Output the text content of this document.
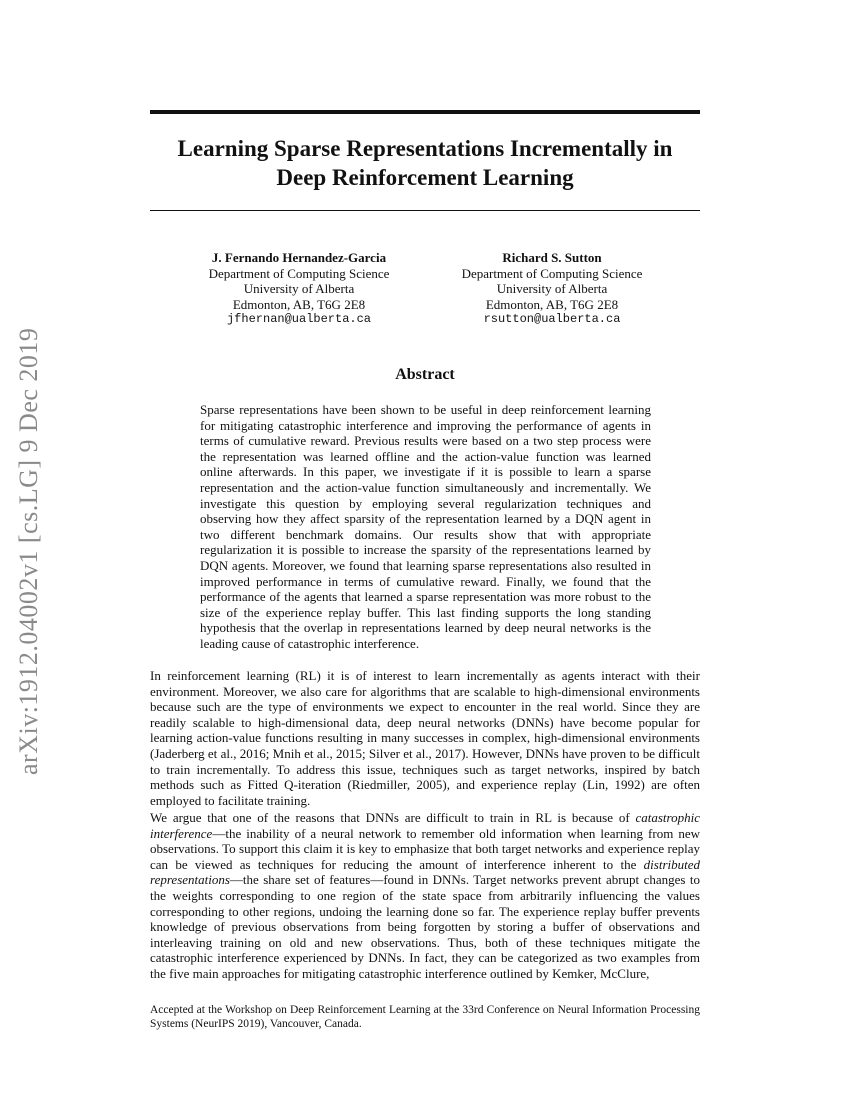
arXiv:1912.04002v1 [cs.LG] 9 Dec 2019
Learning Sparse Representations Incrementally in Deep Reinforcement Learning
J. Fernando Hernandez-Garcia
Department of Computing Science
University of Alberta
Edmonton, AB, T6G 2E8
jfhernan@ualberta.ca
Richard S. Sutton
Department of Computing Science
University of Alberta
Edmonton, AB, T6G 2E8
rsutton@ualberta.ca
Abstract

Sparse representations have been shown to be useful in deep reinforcement learning for mitigating catastrophic interference and improving the performance of agents in terms of cumulative reward. Previous results were based on a two step process were the representation was learned offline and the action-value function was learned online afterwards. In this paper, we investigate if it is possible to learn a sparse representation and the action-value function simultaneously and incrementally. We investigate this question by employing several regularization techniques and observing how they affect sparsity of the representation learned by a DQN agent in two different benchmark domains. Our results show that with appropriate regularization it is possible to increase the sparsity of the representations learned by DQN agents. Moreover, we found that learning sparse representations also resulted in improved performance in terms of cumulative reward. Finally, we found that the performance of the agents that learned a sparse representation was more robust to the size of the experience replay buffer. This last finding supports the long standing hypothesis that the overlap in representations learned by deep neural networks is the leading cause of catastrophic interference.

In reinforcement learning (RL) it is of interest to learn incrementally as agents interact with their environment. Moreover, we also care for algorithms that are scalable to high-dimensional environments because such are the type of environments we expect to encounter in the real world. Since they are readily scalable to high-dimensional data, deep neural networks (DNNs) have become popular for learning action-value functions resulting in many successes in complex, high-dimensional environments (Jaderberg et al., 2016; Mnih et al., 2015; Silver et al., 2017). However, DNNs have proven to be difficult to train incrementally. To address this issue, techniques such as target networks, inspired by batch methods such as Fitted Q-iteration (Riedmiller, 2005), and experience replay (Lin, 1992) are often employed to facilitate training.

We argue that one of the reasons that DNNs are difficult to train in RL is because of catastrophic interference—the inability of a neural network to remember old information when learning from new observations. To support this claim it is key to emphasize that both target networks and experience replay can be viewed as techniques for reducing the amount of interference inherent to the distributed representations—the share set of features—found in DNNs. Target networks prevent abrupt changes to the weights corresponding to one region of the state space from arbitrarily influencing the values corresponding to other regions, undoing the learning done so far. The experience replay buffer prevents knowledge of previous observations from being forgotten by storing a buffer of observations and interleaving training on old and new observations. Thus, both of these techniques mitigate the catastrophic interference experienced by DNNs. In fact, they can be categorized as two examples from the five main approaches for mitigating catastrophic interference outlined by Kemker, McClure,

Accepted at the Workshop on Deep Reinforcement Learning at the 33rd Conference on Neural Information Processing Systems (NeurIPS 2019), Vancouver, Canada.
